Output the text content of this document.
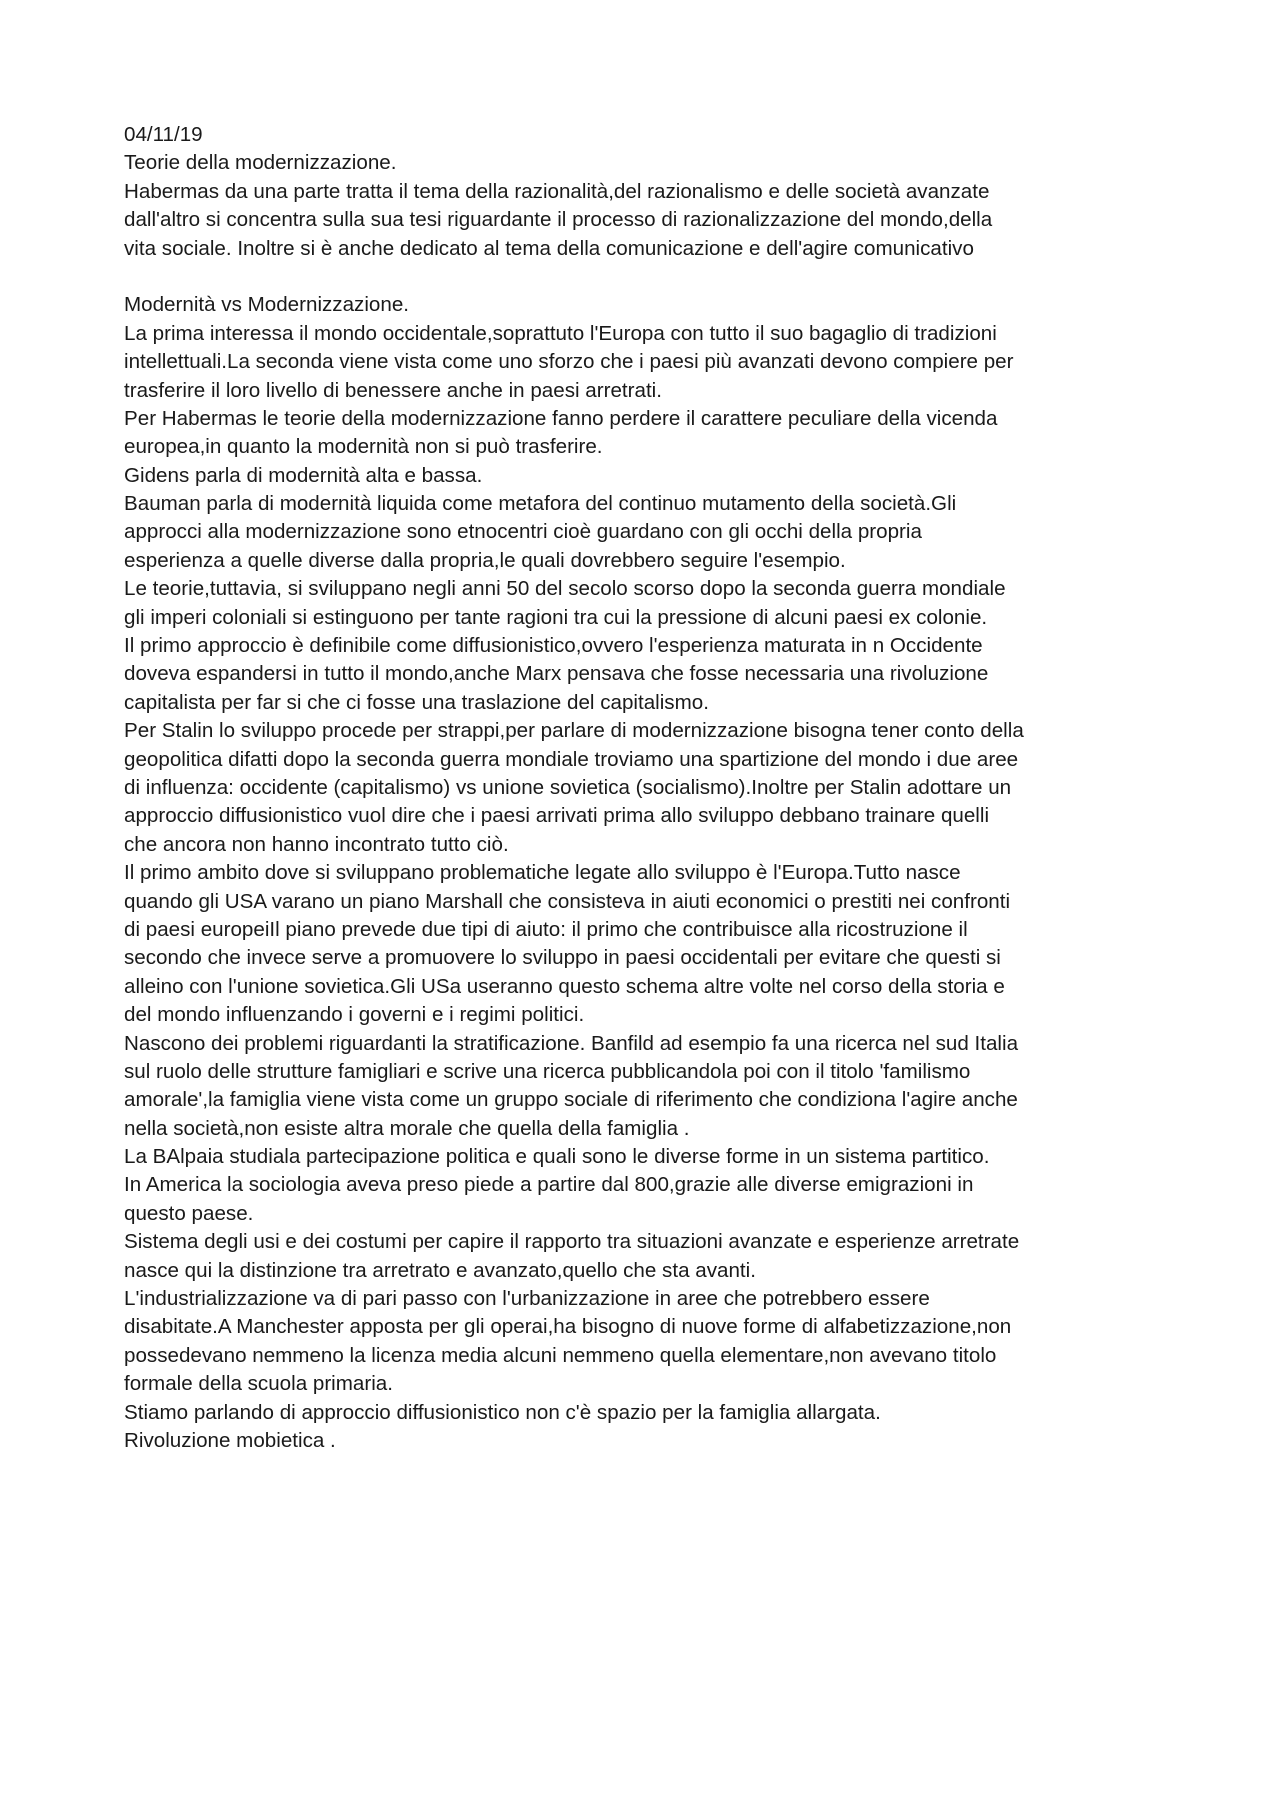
04/11/19
Teorie della modernizzazione.
Habermas da una parte tratta il tema della razionalità,del razionalismo e delle società avanzate
dall'altro si concentra sulla sua tesi riguardante il processo di razionalizzazione del mondo,della
vita sociale. Inoltre si è anche dedicato al tema della comunicazione e dell'agire comunicativo
Modernità vs Modernizzazione.
La prima interessa il mondo occidentale,soprattuto l'Europa con tutto il suo bagaglio di tradizioni
intellettuali.La seconda viene vista come uno sforzo che i paesi più avanzati devono compiere per
trasferire il loro livello di benessere anche in paesi arretrati.
Per Habermas le teorie della modernizzazione fanno perdere il carattere peculiare della vicenda
europea,in quanto la modernità non si può trasferire.
Gidens parla di modernità alta e bassa.
Bauman parla di modernità liquida come metafora del continuo mutamento della società.Gli
approcci alla modernizzazione sono etnocentri cioè guardano con gli occhi della propria
esperienza a quelle diverse dalla propria,le quali dovrebbero seguire l'esempio.
Le teorie,tuttavia, si sviluppano negli anni 50 del secolo scorso dopo la seconda guerra mondiale
gli imperi coloniali si estinguono per tante ragioni tra cui la pressione di alcuni paesi ex colonie.
Il primo approccio è definibile come diffusionistico,ovvero l'esperienza maturata in n Occidente
doveva espandersi in tutto il mondo,anche Marx pensava che fosse necessaria una rivoluzione
capitalista per far si che ci fosse una traslazione del capitalismo.
Per Stalin lo sviluppo procede per strappi,per parlare di modernizzazione bisogna tener conto della
geopolitica difatti dopo la seconda guerra mondiale troviamo una spartizione del mondo i due aree
di influenza: occidente (capitalismo) vs unione sovietica (socialismo).Inoltre per Stalin adottare un
approccio diffusionistico vuol dire che i paesi arrivati prima allo sviluppo debbano trainare quelli
che ancora non hanno incontrato tutto ciò.
Il primo ambito dove si sviluppano problematiche legate allo sviluppo è l'Europa.Tutto nasce
quando gli USA varano un piano Marshall che consisteva in aiuti economici o prestiti nei confronti
di paesi europeiIl piano prevede due tipi di aiuto: il primo che contribuisce alla ricostruzione il
secondo che invece serve a promuovere lo sviluppo in paesi occidentali per evitare che questi si
alleino con l'unione sovietica.Gli USa useranno questo schema altre volte nel corso della storia e
del mondo influenzando i governi e i regimi politici.
Nascono dei problemi riguardanti la stratificazione. Banfild ad esempio fa una ricerca nel sud Italia
sul ruolo delle strutture famigliari e scrive una ricerca pubblicandola poi con il titolo 'familismo
amorale',la famiglia viene vista come un gruppo sociale di riferimento che condiziona l'agire anche
nella società,non esiste altra morale che quella della famiglia .
La BAlpaia studiala partecipazione politica e quali sono le diverse forme in un sistema partitico.
In America la sociologia aveva preso piede a partire dal 800,grazie alle diverse emigrazioni in
questo paese.
Sistema degli usi e dei costumi per capire il rapporto tra situazioni avanzate e esperienze arretrate
nasce qui la distinzione tra arretrato e avanzato,quello che sta avanti.
L'industrializzazione va di pari passo con l'urbanizzazione in aree che potrebbero essere
disabitate.A Manchester apposta per gli operai,ha bisogno di nuove forme di alfabetizzazione,non
possedevano nemmeno la licenza media alcuni nemmeno quella elementare,non avevano titolo
formale della scuola primaria.
Stiamo parlando di approccio diffusionistico non c'è spazio per la famiglia allargata.
Rivoluzione mobietica .
